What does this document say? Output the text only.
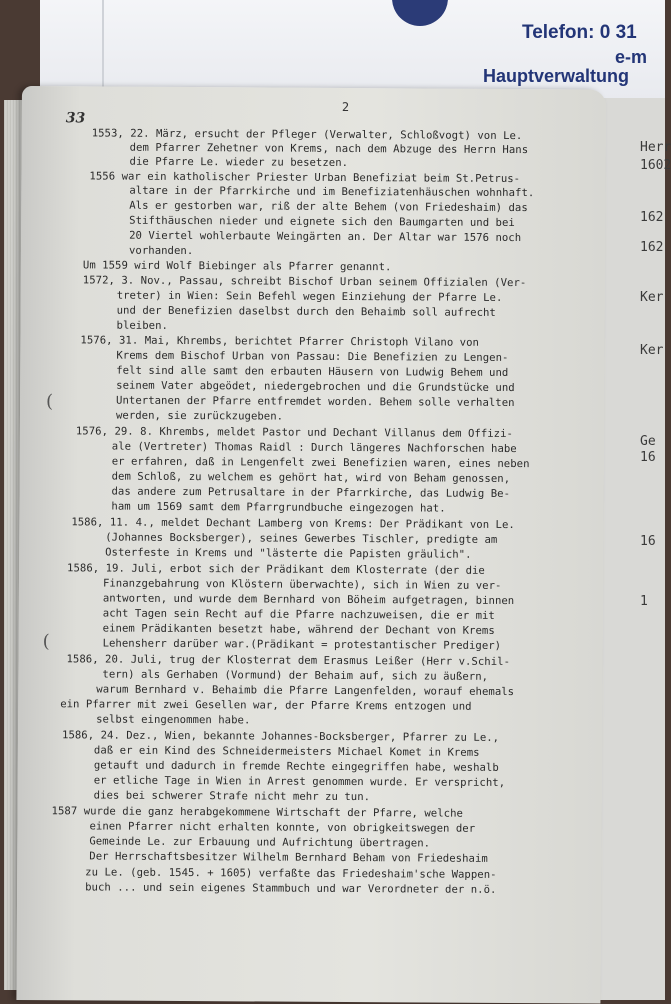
Telefon: 0 31
e-m
Hauptverwaltung
Herr
1602
162
162
Ker
Ker
Ge
16
16
1
33
2
(
(
1553, 22. März, ersucht der Pfleger (Verwalter, Schloßvogt) von Le.
dem Pfarrer Zehetner von Krems, nach dem Abzuge des Herrn Hans
die Pfarre Le. wieder zu besetzen.
1556 war ein katholischer Priester Urban Benefiziat beim St.Petrus-
altare in der Pfarrkirche und im Benefiziatenhäuschen wohnhaft.
Als er gestorben war, riß der alte Behem (von Friedeshaim) das
Stifthäuschen nieder und eignete sich den Baumgarten und bei
20 Viertel wohlerbaute Weingärten an. Der Altar war 1576 noch
vorhanden.
Um 1559 wird Wolf Biebinger als Pfarrer genannt.
1572, 3. Nov., Passau, schreibt Bischof Urban seinem Offizialen (Ver-
treter) in Wien: Sein Befehl wegen Einziehung der Pfarre Le.
und der Benefizien daselbst durch den Behaimb soll aufrecht
bleiben.
1576, 31. Mai, Khrembs, berichtet Pfarrer Christoph Vilano von
Krems dem Bischof Urban von Passau: Die Benefizien zu Lengen-
felt sind alle samt den erbauten Häusern von Ludwig Behem und
seinem Vater abgeödet, niedergebrochen und die Grundstücke und
Untertanen der Pfarre entfremdet worden. Behem solle verhalten
werden, sie zurückzugeben.
1576, 29. 8. Khrembs, meldet Pastor und Dechant Villanus dem Offizi-
ale (Vertreter) Thomas Raidl : Durch längeres Nachforschen habe
er erfahren, daß in Lengenfelt zwei Benefizien waren, eines neben
dem Schloß, zu welchem es gehört hat, wird von Beham genossen,
das andere zum Petrusaltare in der Pfarrkirche, das Ludwig Be-
ham um 1569 samt dem Pfarrgrundbuche eingezogen hat.
1586, 11. 4., meldet Dechant Lamberg von Krems: Der Prädikant von Le.
(Johannes Bocksberger), seines Gewerbes Tischler, predigte am
Osterfeste in Krems und "lästerte die Papisten gräulich".
1586, 19. Juli, erbot sich der Prädikant dem Klosterrate (der die
Finanzgebahrung von Klöstern überwachte), sich in Wien zu ver-
antworten, und wurde dem Bernhard von Böheim aufgetragen, binnen
acht Tagen sein Recht auf die Pfarre nachzuweisen, die er mit
einem Prädikanten besetzt habe, während der Dechant von Krems
Lehensherr darüber war.(Prädikant = protestantischer Prediger)
1586, 20. Juli, trug der Klosterrat dem Erasmus Leißer (Herr v.Schil-
tern) als Gerhaben (Vormund) der Behaim auf, sich zu äußern,
warum Bernhard v. Behaimb die Pfarre Langenfelden, worauf ehemals
ein Pfarrer mit zwei Gesellen war, der Pfarre Krems entzogen und
selbst eingenommen habe.
1586, 24. Dez., Wien, bekannte Johannes-Bocksberger, Pfarrer zu Le.,
daß er ein Kind des Schneidermeisters Michael Komet in Krems
getauft und dadurch in fremde Rechte eingegriffen habe, weshalb
er etliche Tage in Wien in Arrest genommen wurde. Er verspricht,
dies bei schwerer Strafe nicht mehr zu tun.
1587 wurde die ganz herabgekommene Wirtschaft der Pfarre, welche
einen Pfarrer nicht erhalten konnte, von obrigkeitswegen der
Gemeinde Le. zur Erbauung und Aufrichtung übertragen.
Der Herrschaftsbesitzer Wilhelm Bernhard Beham von Friedeshaim
zu Le. (geb. 1545. + 1605) verfaßte das Friedeshaim'sche Wappen-
buch ... und sein eigenes Stammbuch und war Verordneter der n.ö.
